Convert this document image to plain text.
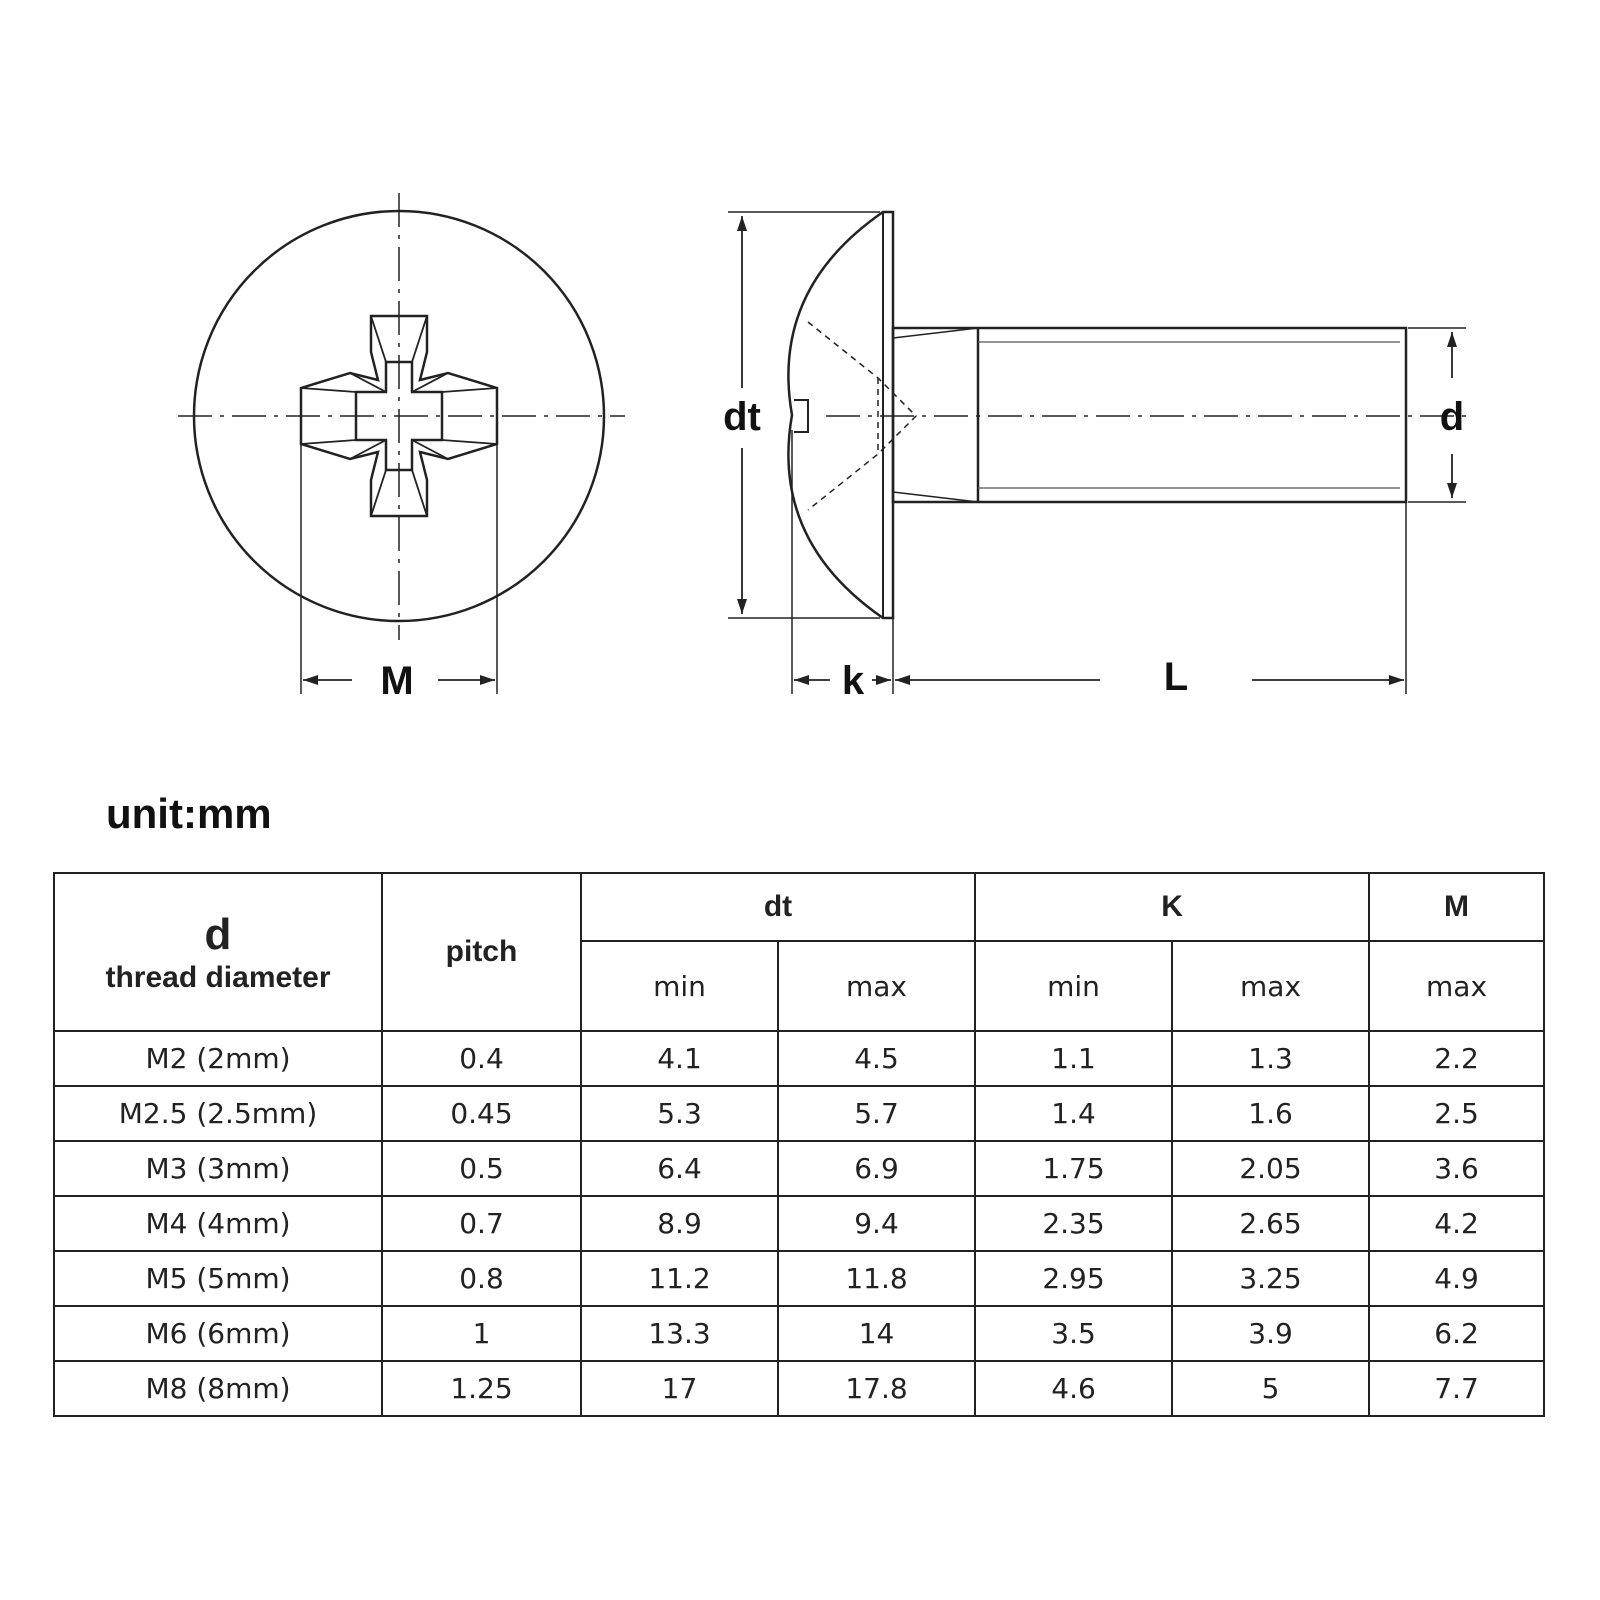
M
dt	d
k	L
unit:mm
d
thread diameter	pitch	dt		K		M
		min	max	min	max	max
M2 (2mm)	0.4	4.1	4.5	1.1	1.3	2.2
M2.5 (2.5mm)	0.45	5.3	5.7	1.4	1.6	2.5
M3 (3mm)	0.5	6.4	6.9	1.75	2.05	3.6
M4 (4mm)	0.7	8.9	9.4	2.35	2.65	4.2
M5 (5mm)	0.8	11.2	11.8	2.95	3.25	4.9
M6 (6mm)	1	13.3	14	3.5	3.9	6.2
M8 (8mm)	1.25	17	17.8	4.6	5	7.7
